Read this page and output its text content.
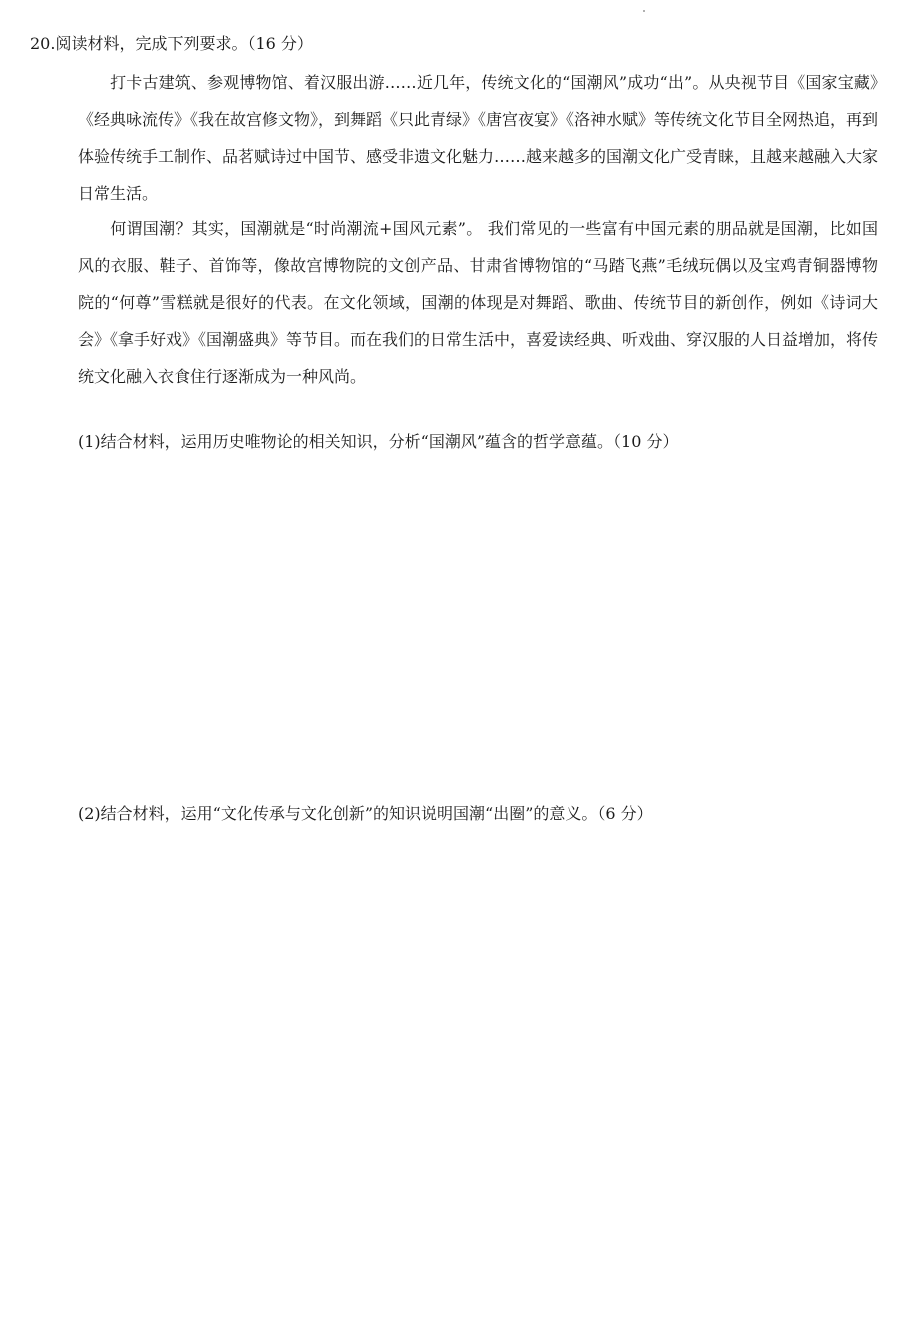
20.阅读材料，完成下列要求。（16 分）

打卡古建筑、参观博物馆、着汉服出游……近几年，传统文化的“国潮风”成功“出”。从央视节目《国家宝藏》《经典咏流传》《我在故宫修文物》，到舞蹈《只此青绿》《唐宫夜宴》《洛神水赋》等传统文化节目全网热追，再到体验传统手工制作、品茗赋诗过中国节、感受非遗文化魅力……越来越多的国潮文化广受青睐，且越来越融入大家日常生活。

何谓国潮？其实，国潮就是“时尚潮流+国风元素”。 我们常见的一些富有中国元素的朋品就是国潮，比如国风的衣服、鞋子、首饰等，像故宫博物院的文创产品、甘肃省博物馆的“马踏飞燕”毛绒玩偶以及宝鸡青铜器博物院的“何尊”雪糕就是很好的代表。在文化领域，国潮的体现是对舞蹈、歌曲、传统节目的新创作，例如《诗词大会》《拿手好戏》《国潮盛典》等节目。而在我们的日常生活中，喜爱读经典、听戏曲、穿汉服的人日益增加，将传统文化融入衣食住行逐渐成为一种风尚。

(1)结合材料，运用历史唯物论的相关知识，分析“国潮风”蕴含的哲学意蕴。（10 分）
(2)结合材料，运用“文化传承与文化创新”的知识说明国潮“出圈”的意义。（6 分）
